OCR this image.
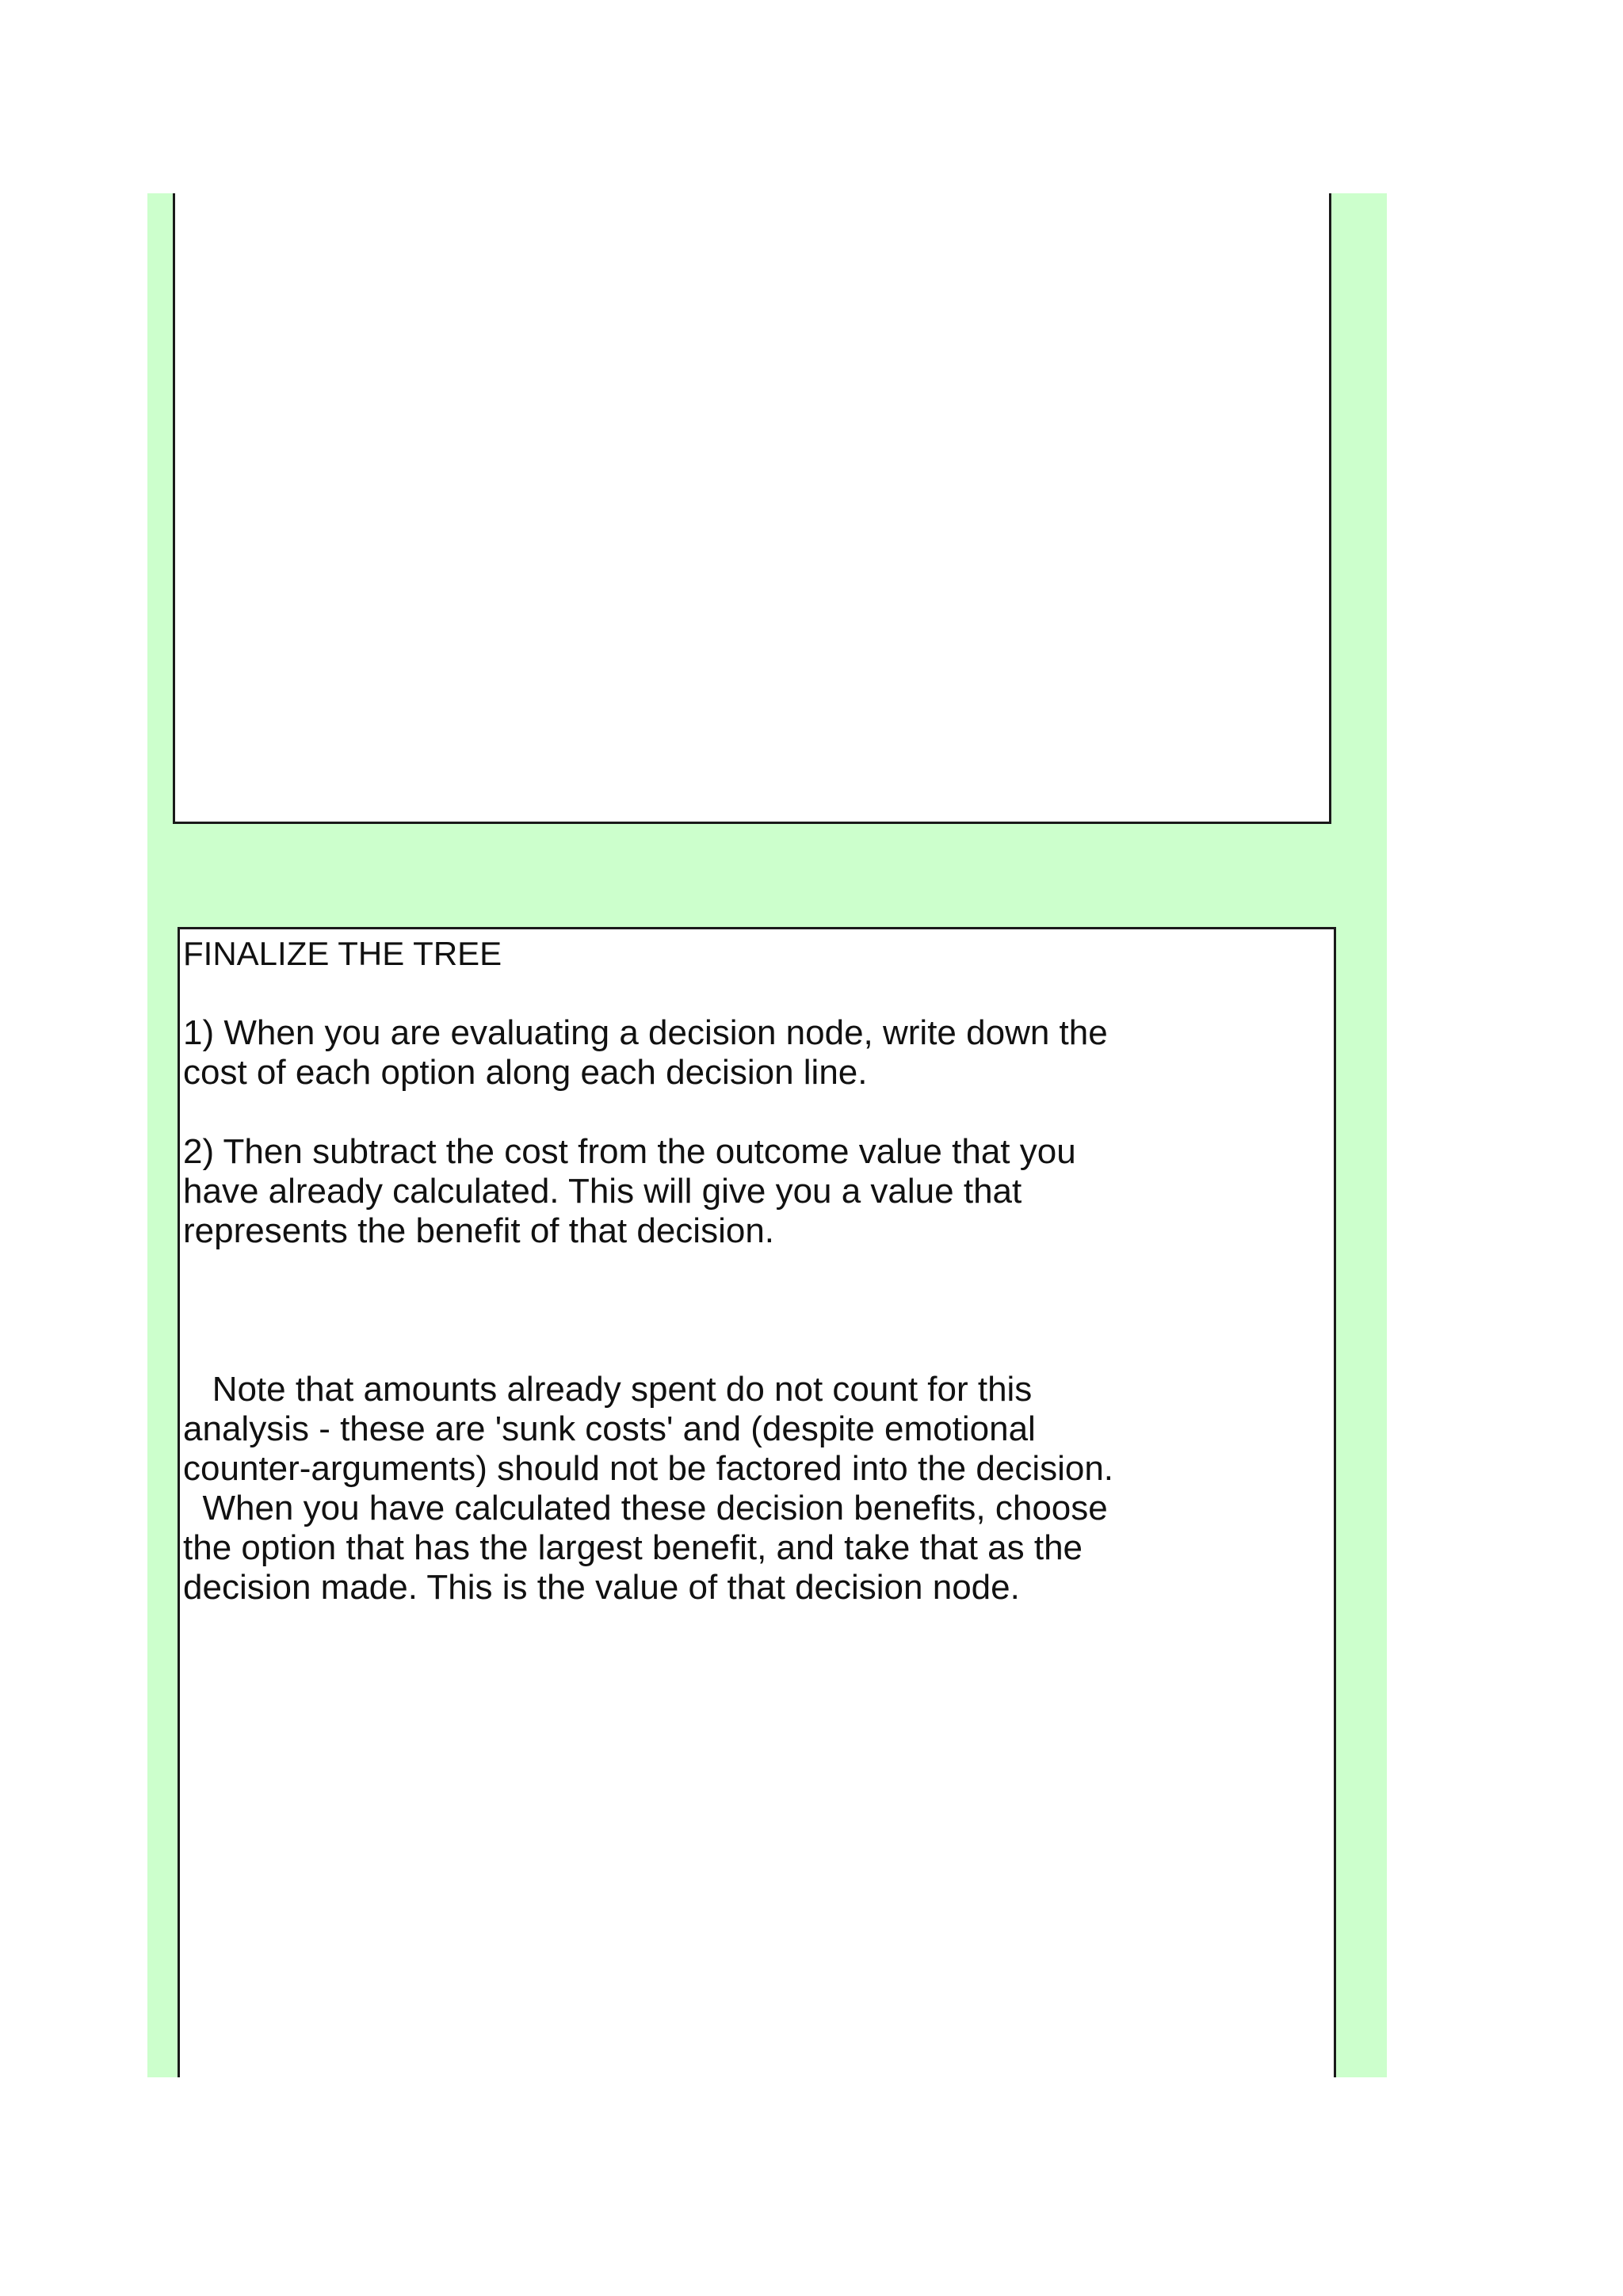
FINALIZE THE TREE

1) When you are evaluating a decision node, write down the
cost of each option along each decision line.

2) Then subtract the cost from the outcome value that you
have already calculated. This will give you a value that
represents the benefit of that decision.

Note that amounts already spent do not count for this
analysis - these are 'sunk costs' and (despite emotional
counter-arguments) should not be factored into the decision.
When you have calculated these decision benefits, choose
the option that has the largest benefit, and take that as the
decision made. This is the value of that decision node.
